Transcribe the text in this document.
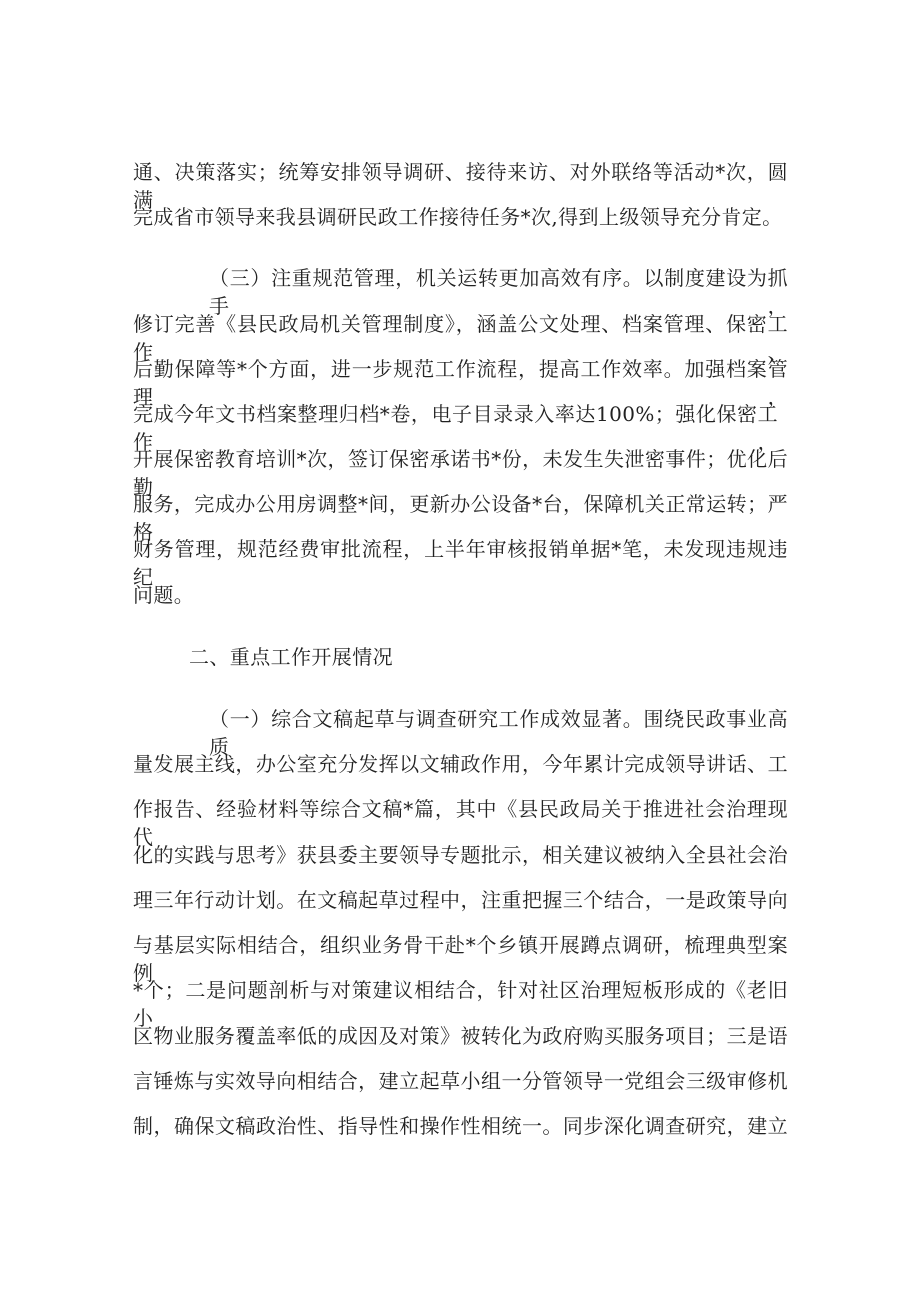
通、决策落实；统筹安排领导调研、接待来访、对外联络等活动*次，圆满

完成省市领导来我县调研民政工作接待任务*次,得到上级领导充分肯定。

（三）注重规范管理，机关运转更加高效有序。以制度建设为抓手，

修订完善《县民政局机关管理制度》，涵盖公文处理、档案管理、保密工作、

后勤保障等*个方面，进一步规范工作流程，提高工作效率。加强档案管理，

完成今年文书档案整理归档*卷，电子目录录入率达100%；强化保密工作，

开展保密教育培训*次，签订保密承诺书*份，未发生失泄密事件；优化后勤

服务，完成办公用房调整*间，更新办公设备*台，保障机关正常运转；严格

财务管理，规范经费审批流程，上半年审核报销单据*笔，未发现违规违纪

问题。

二、重点工作开展情况

（一）综合文稿起草与调查研究工作成效显著。围绕民政事业高质

量发展主线，办公室充分发挥以文辅政作用，今年累计完成领导讲话、工

作报告、经验材料等综合文稿*篇，其中《县民政局关于推进社会治理现代

化的实践与思考》获县委主要领导专题批示，相关建议被纳入全县社会治

理三年行动计划。在文稿起草过程中，注重把握三个结合，一是政策导向

与基层实际相结合，组织业务骨干赴*个乡镇开展蹲点调研，梳理典型案例

*个；二是问题剖析与对策建议相结合，针对社区治理短板形成的《老旧小

区物业服务覆盖率低的成因及对策》被转化为政府购买服务项目；三是语

言锤炼与实效导向相结合，建立起草小组一分管领导一党组会三级审修机

制，确保文稿政治性、指导性和操作性相统一。同步深化调查研究，建立
